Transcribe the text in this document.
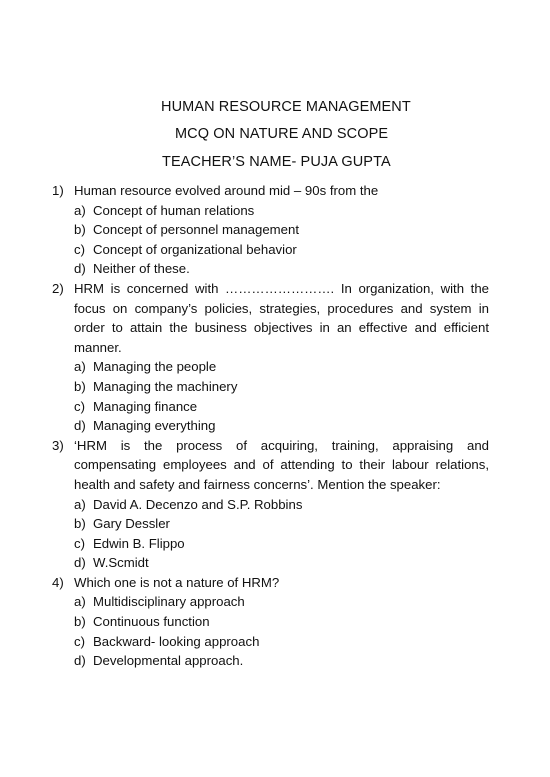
HUMAN RESOURCE MANAGEMENT
MCQ ON NATURE AND SCOPE
TEACHER’S NAME- PUJA GUPTA
1) Human resource evolved around mid – 90s from the
a) Concept of human relations
b) Concept of personnel management
c) Concept of organizational behavior
d) Neither of these.
2) HRM is concerned with ……………………. In organization, with the focus on company’s policies, strategies, procedures and system in order to attain the business objectives in an effective and efficient manner.
a) Managing the people
b) Managing the machinery
c) Managing finance
d) Managing everything
3) ‘HRM is the process of acquiring, training, appraising and compensating employees and of attending to their labour relations, health and safety and fairness concerns’. Mention the speaker:
a) David A. Decenzo and S.P. Robbins
b) Gary Dessler
c) Edwin B. Flippo
d) W.Scmidt
4) Which one is not a nature of HRM?
a) Multidisciplinary approach
b) Continuous function
c) Backward- looking approach
d) Developmental approach.
